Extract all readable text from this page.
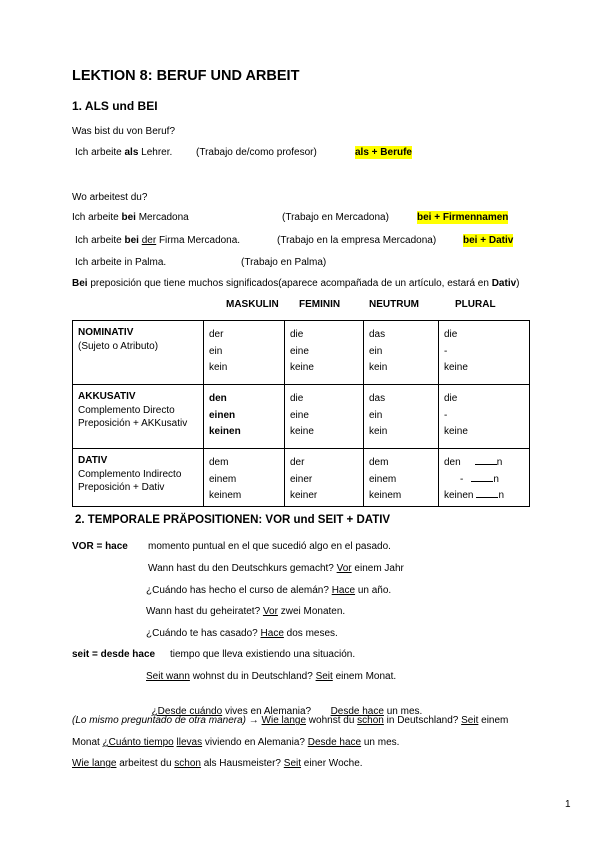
LEKTION 8: BERUF UND ARBEIT
1. ALS und BEI
Was bist du von Beruf?
Ich arbeite als Lehrer. (Trabajo de/como profesor)	als + Berufe
Wo arbeitest du?
Ich arbeite bei Mercadona	(Trabajo en Mercadona)	bei + Firmennamen
Ich arbeite bei der Firma Mercadona.	(Trabajo en la empresa Mercadona)	bei + Dativ
Ich arbeite in Palma.	(Trabajo en Palma)
Bei preposición que tiene muchos significados(aparece acompañada de un artículo, estará en Dativ)
MASKULIN FEMININ	NEUTRUM	PLURAL
NOMINATIV
(Sujeto o Atributo)	der
ein
kein	die
eine
keine	das
ein
kein	die
-
keine
AKKUSATIV
Complemento Directo
Preposición + AKKusativ	den
einen
keinen	die
eine
keine	das
ein
kein	die
-
keine
DATIV
Complemento Indirecto
Preposición + Dativ	dem
einem
keinem	der
einer
keiner	dem
einem
keinem	den n
- n
keinen n
2. TEMPORALE PRÄPOSITIONEN: VOR und SEIT + DATIV
VOR = hace momento puntual en el que sucedió algo en el pasado.
Wann hast du den Deutschkurs gemacht? Vor einem Jahr
¿Cuándo has hecho el curso de alemán? Hace un año.
Wann hast du geheiratet? Vor zwei Monaten.
¿Cuándo te has casado? Hace dos meses.
seit = desde hace tiempo que lleva existiendo una situación.
Seit wann wohnst du in Deutschland? Seit einem Monat.

¿Desde cuándo vives en Alemania?       Desde hace un mes.

(Lo mismo preguntado de otra manera) → Wie lange wohnst du schon in Deutschland? Seit einem
Monat ¿Cuánto tiempo llevas viviendo en Alemania? Desde hace un mes.
Wie lange arbeitest du schon als Hausmeister? Seit einer Woche.
1
